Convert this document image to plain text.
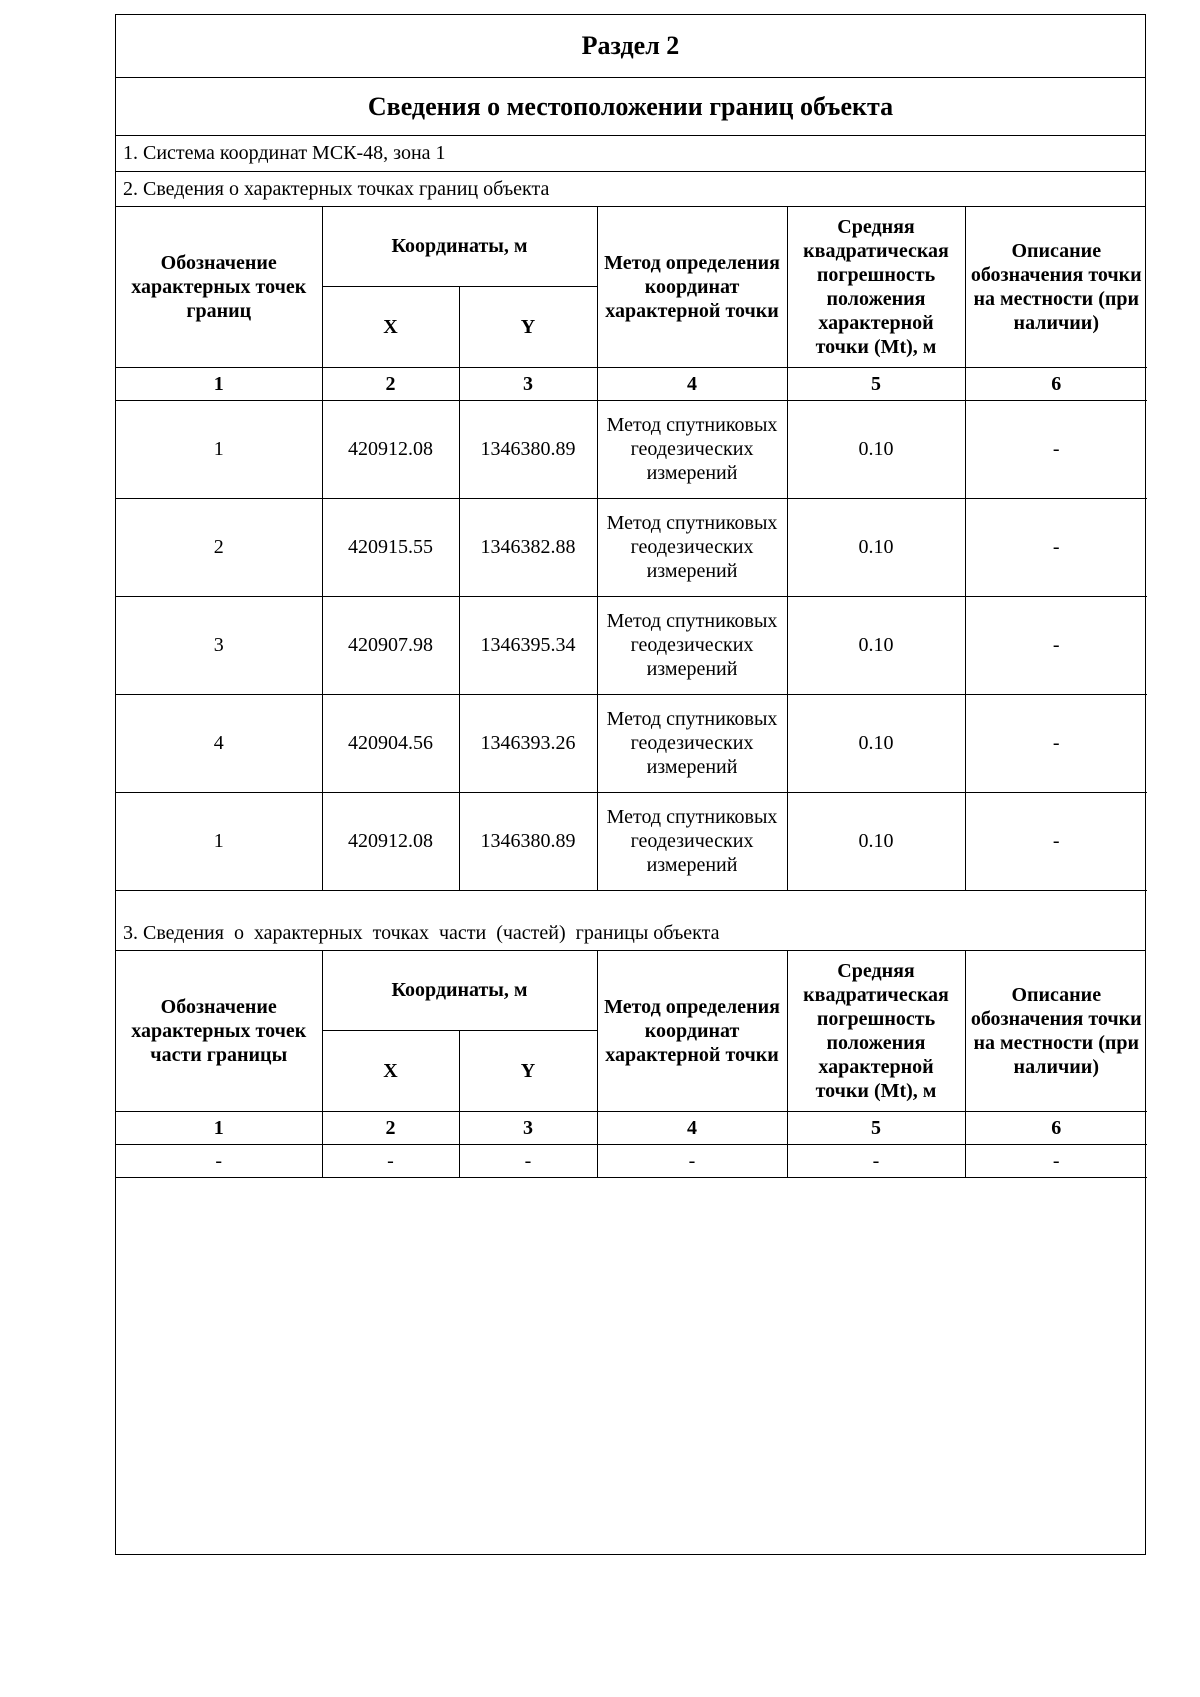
Раздел 2
Сведения о местоположении границ объекта
1. Система координат МСК-48, зона 1
2. Сведения о характерных точках границ объекта
Обозначение характерных точек границ	Координаты, м		Метод определения координат характерной точки	Средняя квадратическая погрешность положения характерной точки (Mt), м	Описание обозначения точки на местности (при наличии)
	X	Y			
1	2	3	4	5	6
1	420912.08	1346380.89	Метод спутниковых геодезических измерений	0.10	-
2	420915.55	1346382.88	Метод спутниковых геодезических измерений	0.10	-
3	420907.98	1346395.34	Метод спутниковых геодезических измерений	0.10	-
4	420904.56	1346393.26	Метод спутниковых геодезических измерений	0.10	-
1	420912.08	1346380.89	Метод спутниковых геодезических измерений	0.10	-
3. Сведения  о  характерных  точках  части  (частей)  границы объекта
Обозначение характерных точек части границы	Координаты, м		Метод определения координат характерной точки	Средняя квадратическая погрешность положения характерной точки (Mt), м	Описание обозначения точки на местности (при наличии)
	X	Y			
1	2	3	4	5	6
-	-	-	-	-	-
